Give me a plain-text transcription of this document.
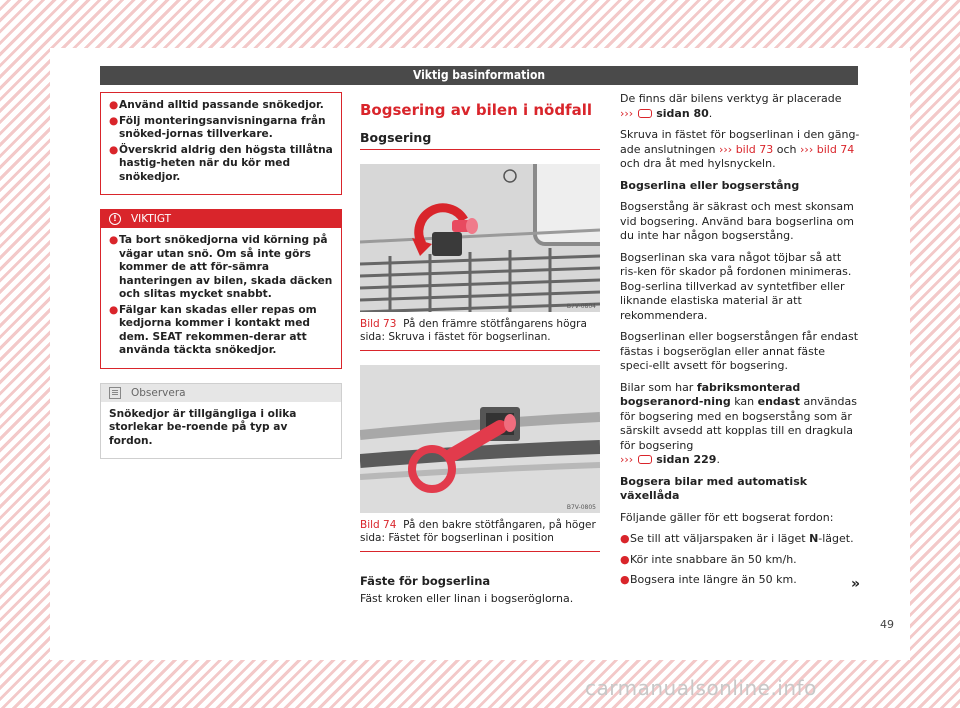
Viktig basinformation
● Använd alltid passande snökedjor.
● Följ monteringsanvisningarna från snöked-jornas tillverkare.
● Överskrid aldrig den högsta tillåtna hastig-heten när du kör med snökedjor.
!	VIKTIGT
● Ta bort snökedjorna vid körning på vägar utan snö. Om så inte görs kommer de att för-sämra hanteringen av bilen, skada däcken och slitas mycket snabbt.
● Fälgar kan skadas eller repas om kedjorna kommer i kontakt med dem. SEAT rekommen-derar att använda täckta snökedjor.
Observera
Snökedjor är tillgängliga i olika storlekar be-roende på typ av fordon.
Bogsering av bilen i nödfall
Bogsering
B7V-0804
Bild 73 På den främre stötfångarens högra sida: Skruva i fästet för bogserlinan.
B7V-0805
Bild 74 På den bakre stötfångaren, på höger sida: Fästet för bogserlinan i position
Fäste för bogserlina
Fäst kroken eller linan i bogseröglorna.
De finns där bilens verktyg är placerade
››› sidan 80.
Skruva in fästet för bogserlinan i den gäng-ade anslutningen ››› bild 73 och ››› bild 74 och dra åt med hylsnyckeln.
Bogserlina eller bogserstång
Bogserstång är säkrast och mest skonsam vid bogsering. Använd bara bogserlina om du inte har någon bogserstång.
Bogserlinan ska vara något töjbar så att ris-ken för skador på fordonen minimeras. Bog-serlina tillverkad av syntetfiber eller liknande elastiska material är att rekommendera.
Bogserlinan eller bogserstången får endast fästas i bogseröglan eller annat fäste speci-ellt avsett för bogsering.
Bilar som har fabriksmonterad bogseranord-ning kan endast användas för bogsering med en bogserstång som är särskilt avsedd att kopplas till en dragkula för bogsering
››› sidan 229.
Bogsera bilar med automatisk växellåda
Följande gäller för ett bogserat fordon:
● Se till att väljarspaken är i läget N-läget.
● Kör inte snabbare än 50 km/h.
● Bogsera inte längre än 50 km.	»
49
carmanualsonline.info
